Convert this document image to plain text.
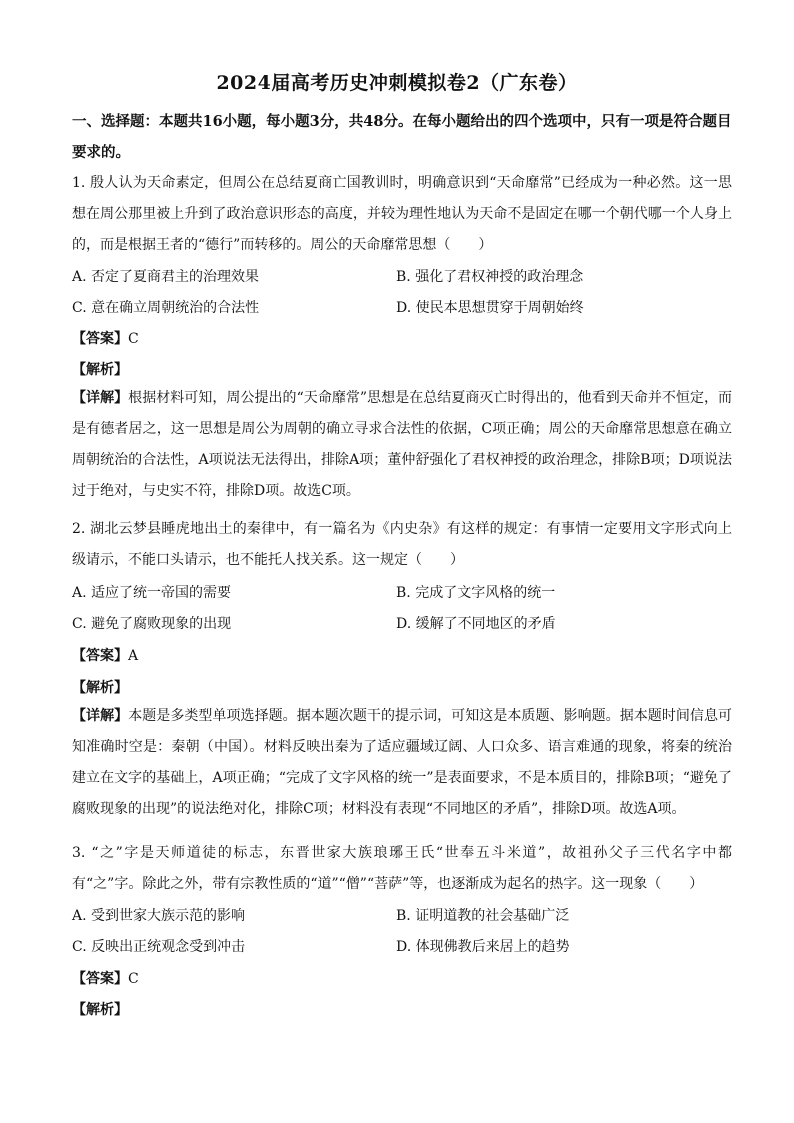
2024届高考历史冲刺模拟卷2（广东卷）
一、选择题：本题共16小题，每小题3分，共48分。在每小题给出的四个选项中，只有一项是符合题目要求的。
1. 殷人认为天命素定，但周公在总结夏商亡国教训时，明确意识到“天命靡常”已经成为一种必然。这一思想在周公那里被上升到了政治意识形态的高度，并较为理性地认为天命不是固定在哪一个朝代哪一个人身上的，而是根据王者的“德行”而转移的。周公的天命靡常思想（　　）
A. 否定了夏商君主的治理效果	B. 强化了君权神授的政治理念
C. 意在确立周朝统治的合法性	D. 使民本思想贯穿于周朝始终
【答案】C
【解析】
【详解】根据材料可知，周公提出的“天命靡常”思想是在总结夏商灭亡时得出的，他看到天命并不恒定，而是有德者居之，这一思想是周公为周朝的确立寻求合法性的依据，C项正确；周公的天命靡常思想意在确立周朝统治的合法性，A项说法无法得出，排除A项；董仲舒强化了君权神授的政治理念，排除B项；D项说法过于绝对，与史实不符，排除D项。故选C项。
2. 湖北云梦县睡虎地出土的秦律中，有一篇名为《内史杂》有这样的规定：有事情一定要用文字形式向上级请示，不能口头请示，也不能托人找关系。这一规定（　　）
A. 适应了统一帝国的需要	B. 完成了文字风格的统一
C. 避免了腐败现象的出现	D. 缓解了不同地区的矛盾
【答案】A
【解析】
【详解】本题是多类型单项选择题。据本题次题干的提示词，可知这是本质题、影响题。据本题时间信息可知准确时空是：秦朝（中国）。材料反映出秦为了适应疆域辽阔、人口众多、语言难通的现象，将秦的统治建立在文字的基础上，A项正确；“完成了文字风格的统一”是表面要求，不是本质目的，排除B项；“避免了腐败现象的出现”的说法绝对化，排除C项；材料没有表现“不同地区的矛盾”，排除D项。故选A项。
3. “之”字是天师道徒的标志，东晋世家大族琅琊王氏“世奉五斗米道”，故祖孙父子三代名字中都有“之”字。除此之外，带有宗教性质的“道”“僧”“菩萨”等，也逐渐成为起名的热字。这一现象（　　）
A. 受到世家大族示范的影响	B. 证明道教的社会基础广泛
C. 反映出正统观念受到冲击	D. 体现佛教后来居上的趋势
【答案】C
【解析】
